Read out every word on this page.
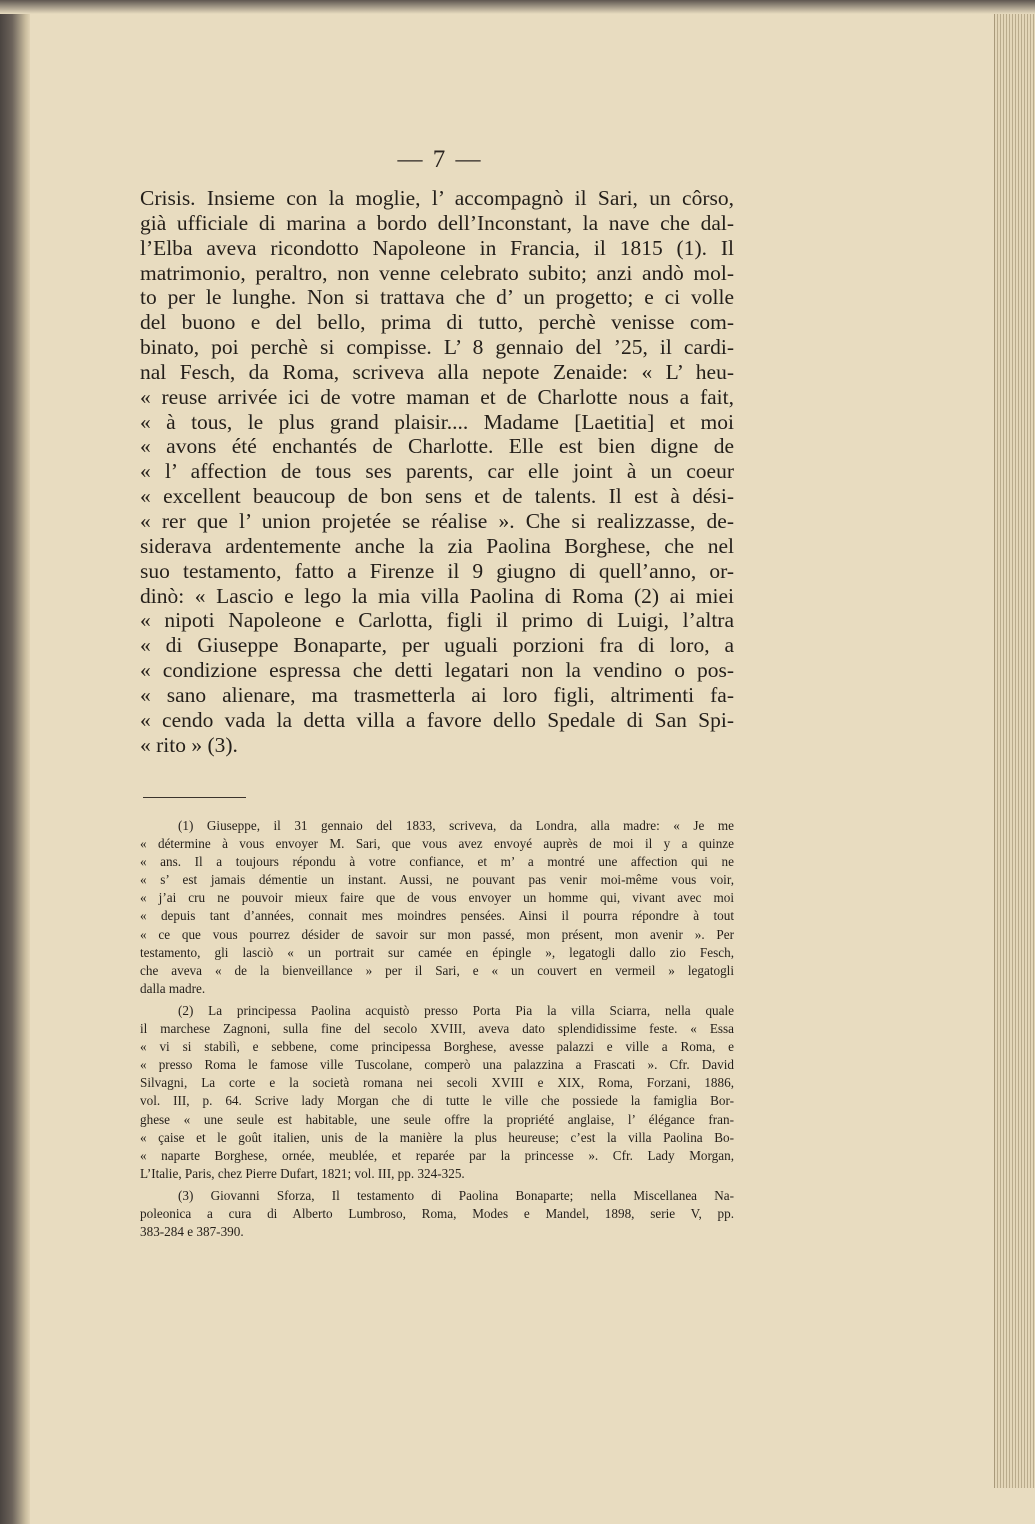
— 7 —
Crisis. Insieme con la moglie, l’ accompagnò il Sari, un côrso,
già ufficiale di marina a bordo dell’Inconstant, la nave che dal-
l’Elba aveva ricondotto Napoleone in Francia, il 1815 (1). Il
matrimonio, peraltro, non venne celebrato subito; anzi andò mol-
to per le lunghe. Non si trattava che d’ un progetto; e ci volle
del buono e del bello, prima di tutto, perchè venisse com-
binato, poi perchè si compisse. L’ 8 gennaio del ’25, il cardi-
nal Fesch, da Roma, scriveva alla nepote Zenaide: « L’ heu-
« reuse arrivée ici de votre maman et de Charlotte nous a fait,
« à tous, le plus grand plaisir.... Madame [Laetitia] et moi
« avons été enchantés de Charlotte. Elle est bien digne de
« l’ affection de tous ses parents, car elle joint à un coeur
« excellent beaucoup de bon sens et de talents. Il est à dési-
« rer que l’ union projetée se réalise ». Che si realizzasse, de-
siderava ardentemente anche la zia Paolina Borghese, che nel
suo testamento, fatto a Firenze il 9 giugno di quell’anno, or-
dinò: « Lascio e lego la mia villa Paolina di Roma (2) ai miei
« nipoti Napoleone e Carlotta, figli il primo di Luigi, l’altra
« di Giuseppe Bonaparte, per uguali porzioni fra di loro, a
« condizione espressa che detti legatari non la vendino o pos-
« sano alienare, ma trasmetterla ai loro figli, altrimenti fa-
« cendo vada la detta villa a favore dello Spedale di San Spi-
« rito » (3).
(1) Giuseppe, il 31 gennaio del 1833, scriveva, da Londra, alla madre: « Je me
« détermine à vous envoyer M. Sari, que vous avez envoyé auprès de moi il y a quinze
« ans. Il a toujours répondu à votre confiance, et m’ a montré une affection qui ne
« s’ est jamais démentie un instant. Aussi, ne pouvant pas venir moi-même vous voir,
« j’ai cru ne pouvoir mieux faire que de vous envoyer un homme qui, vivant avec moi
« depuis tant d’années, connait mes moindres pensées. Ainsi il pourra répondre à tout
« ce que vous pourrez désider de savoir sur mon passé, mon présent, mon avenir ». Per
testamento, gli lasciò « un portrait sur camée en épingle », legatogli dallo zio Fesch,
che aveva « de la bienveillance » per il Sari, e « un couvert en vermeil » legatogli
dalla madre.
(2) La principessa Paolina acquistò presso Porta Pia la villa Sciarra, nella quale
il marchese Zagnoni, sulla fine del secolo XVIII, aveva dato splendidissime feste. « Essa
« vi si stabilì, e sebbene, come principessa Borghese, avesse palazzi e ville a Roma, e
« presso Roma le famose ville Tuscolane, comperò una palazzina a Frascati ». Cfr. David
Silvagni, La corte e la società romana nei secoli XVIII e XIX, Roma, Forzani, 1886,
vol. III, p. 64. Scrive lady Morgan che di tutte le ville che possiede la famiglia Bor-
ghese « une seule est habitable, une seule offre la propriété anglaise, l’ élégance fran-
« çaise et le goût italien, unis de la manière la plus heureuse; c’est la villa Paolina Bo-
« naparte Borghese, ornée, meublée, et reparée par la princesse ». Cfr. Lady Morgan,
L’Italie, Paris, chez Pierre Dufart, 1821; vol. III, pp. 324-325.
(3) Giovanni Sforza, Il testamento di Paolina Bonaparte; nella Miscellanea Na-
poleonica a cura di Alberto Lumbroso, Roma, Modes e Mandel, 1898, serie V, pp.
383-284 e 387-390.
